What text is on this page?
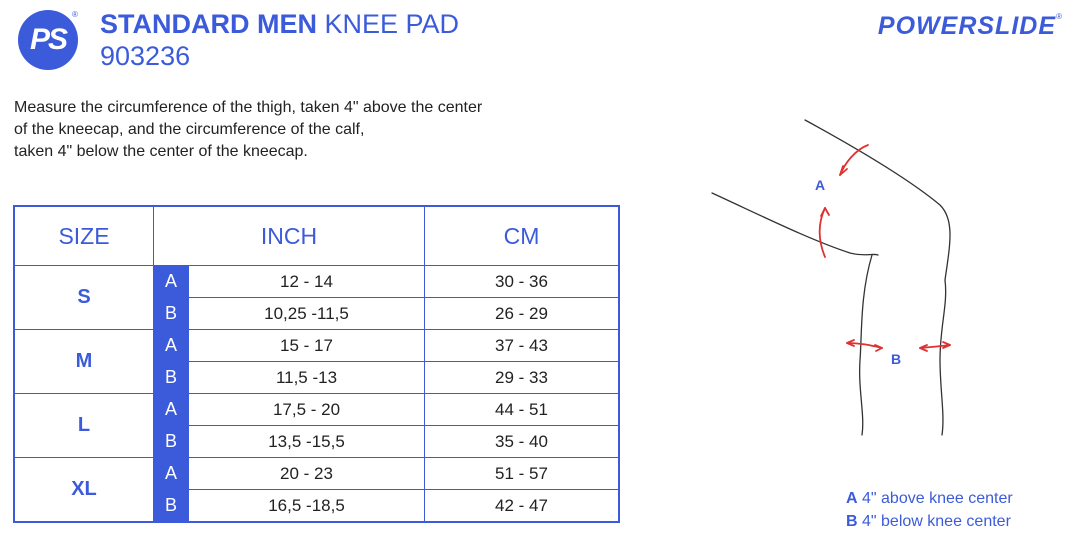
PS
® STANDARD MEN KNEE PAD
903236
POWERSLIDE ®
Measure the circumference of the thigh, taken 4" above the center
of the kneecap, and the circumference of the calf,
taken 4" below the center of the kneecap.
SIZE	INCH		CM
S	A	12 - 14	30 - 36
	B	10,25 -11,5	26 - 29
M	A	15 - 17	37 - 43
	B	11,5 -13	29 - 33
L	A	17,5 - 20	44 - 51
	B	13,5 -15,5	35 - 40
XL	A	20 - 23	51 - 57
	B	16,5 -18,5	42 - 47
A
B
A 4" above knee center
B 4" below knee center
